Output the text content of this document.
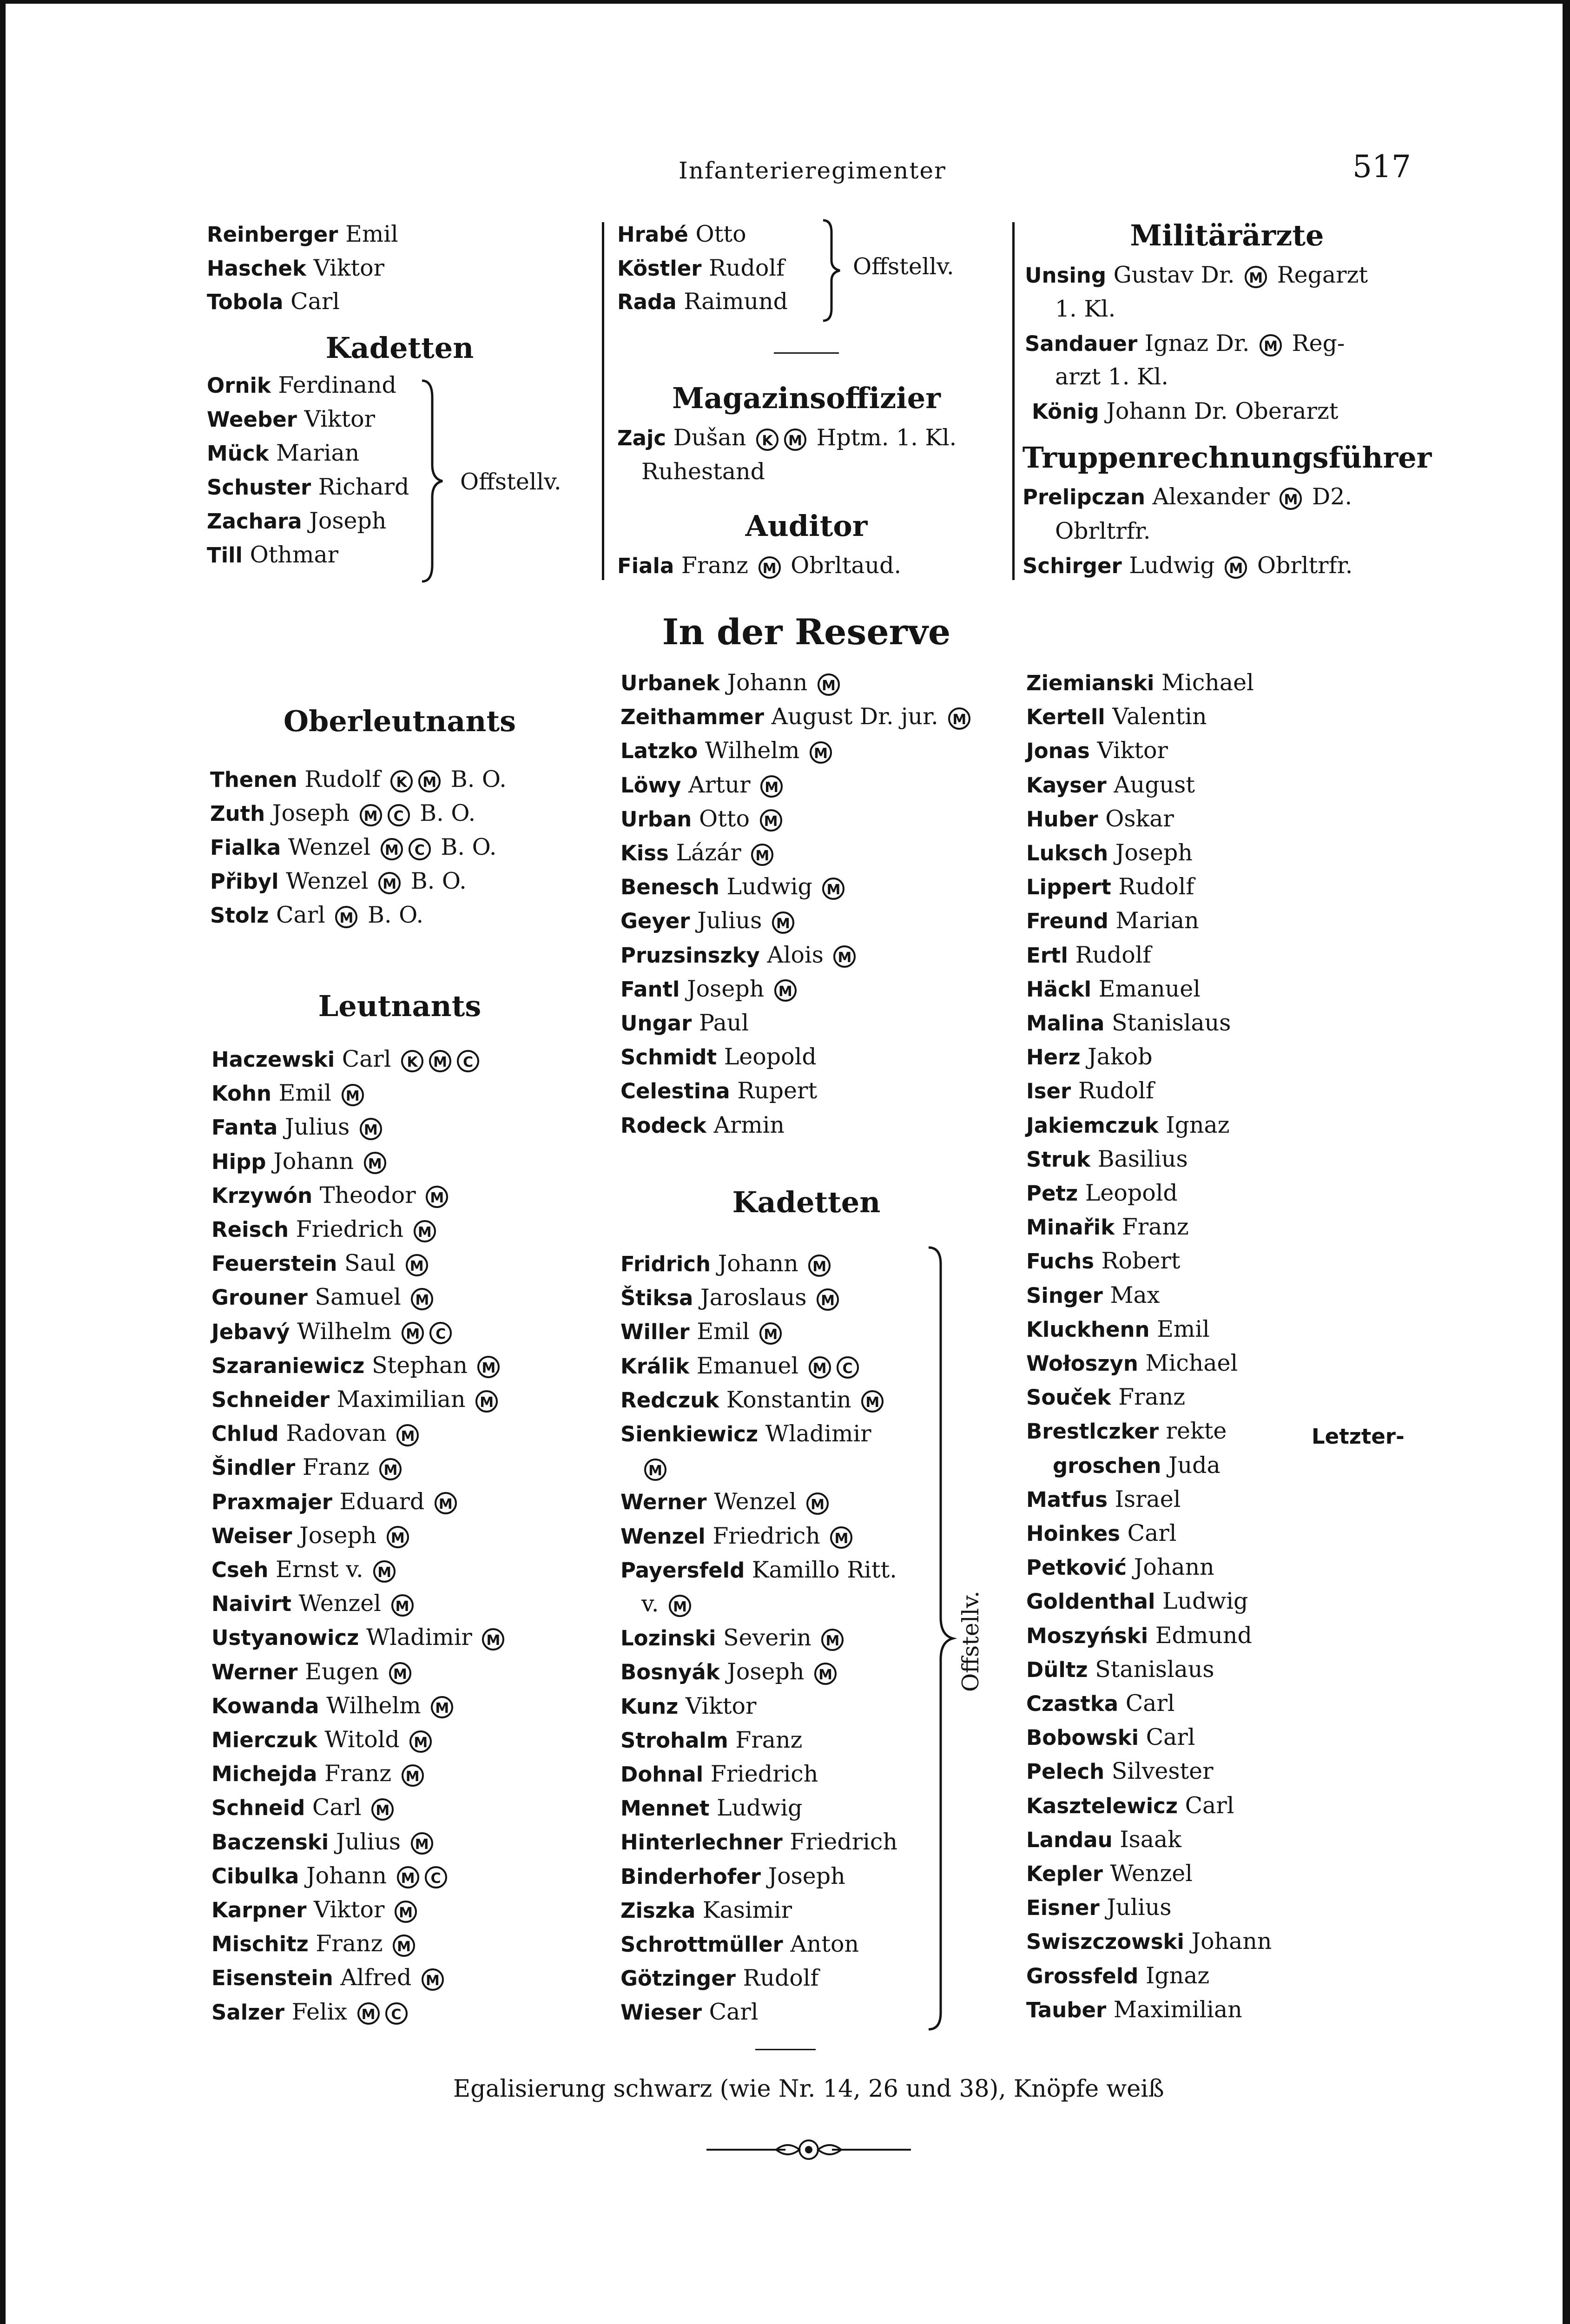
Infanterieregimenter	517
Reinberger Emil
Haschek Viktor
Tobola Carl
Kadetten
Ornik Ferdinand
Weeber Viktor
Mück Marian
Schuster Richard
Zachara Joseph
Till Othmar
Offstellv.
Hrabé Otto
Köstler Rudolf
Rada Raimund
Offstellv.
Magazinsoffizier
Zajc Dušan K M Hptm. 1. Kl.
Ruhestand
Auditor
Fiala Franz M Obrltaud.
Militärärzte
Unsing Gustav Dr. M Regarzt
1. Kl.
Sandauer Ignaz Dr. M Reg-
arzt 1. Kl.
König Johann Dr. Oberarzt
Truppenrechnungsführer
Prelipczan Alexander M D2.
Obrltrfr.
Schirger Ludwig M Obrltrfr.
In der Reserve
Oberleutnants
Thenen Rudolf K M B. O.
Zuth Joseph M C B. O.
Fialka Wenzel M C B. O.
Přibyl Wenzel M B. O.
Stolz Carl M B. O.
Leutnants
Haczewski Carl K M C
Kohn Emil M
Fanta Julius M
Hipp Johann M
Krzywón Theodor M
Reisch Friedrich M
Feuerstein Saul M
Grouner Samuel M
Jebavý Wilhelm M C
Szaraniewicz Stephan M
Schneider Maximilian M
Chlud Radovan M
Šindler Franz M
Praxmajer Eduard M
Weiser Joseph M
Cseh Ernst v. M
Naivirt Wenzel M
Ustyanowicz Wladimir M
Werner Eugen M
Kowanda Wilhelm M
Mierczuk Witold M
Michejda Franz M
Schneid Carl M
Baczenski Julius M
Cibulka Johann M C
Karpner Viktor M
Mischitz Franz M
Eisenstein Alfred M
Salzer Felix M C
Urbanek Johann M
Zeithammer August Dr. jur. M
Latzko Wilhelm M
Löwy Artur M
Urban Otto M
Kiss Lázár M
Benesch Ludwig M
Geyer Julius M
Pruzsinszky Alois M
Fantl Joseph M
Ungar Paul
Schmidt Leopold
Celestina Rupert
Rodeck Armin
Kadetten
Fridrich Johann M
Štiksa Jaroslaus M
Willer Emil M
Králik Emanuel M C
Redczuk Konstantin M
Sienkiewicz Wladimir
M
Werner Wenzel M
Wenzel Friedrich M
Payersfeld Kamillo Ritt.
v. M
Lozinski Severin M
Bosnyák Joseph M
Kunz Viktor
Strohalm Franz
Dohnal Friedrich
Mennet Ludwig
Hinterlechner Friedrich
Binderhofer Joseph
Ziszka Kasimir
Schrottmüller Anton
Götzinger Rudolf
Wieser Carl
Offstellv.
Ziemianski Michael
Kertell Valentin
Jonas Viktor
Kayser August
Huber Oskar
Luksch Joseph
Lippert Rudolf
Freund Marian
Ertl Rudolf
Häckl Emanuel
Malina Stanislaus
Herz Jakob
Iser Rudolf
Jakiemczuk Ignaz
Struk Basilius
Petz Leopold
Minařik Franz
Fuchs Robert
Singer Max
Kluckhenn Emil
Wołoszyn Michael
Souček Franz
Brestlczker rekte
groschen Juda
Matfus Israel
Hoinkes Carl
Petković Johann
Goldenthal Ludwig
Moszyński Edmund
Dültz Stanislaus
Czastka Carl
Bobowski Carl
Pelech Silvester
Kasztelewicz Carl
Landau Isaak
Kepler Wenzel
Eisner Julius
Swiszczowski Johann
Grossfeld Ignaz
Tauber Maximilian
Letzter-
Egalisierung schwarz (wie Nr. 14, 26 und 38), Knöpfe weiß
